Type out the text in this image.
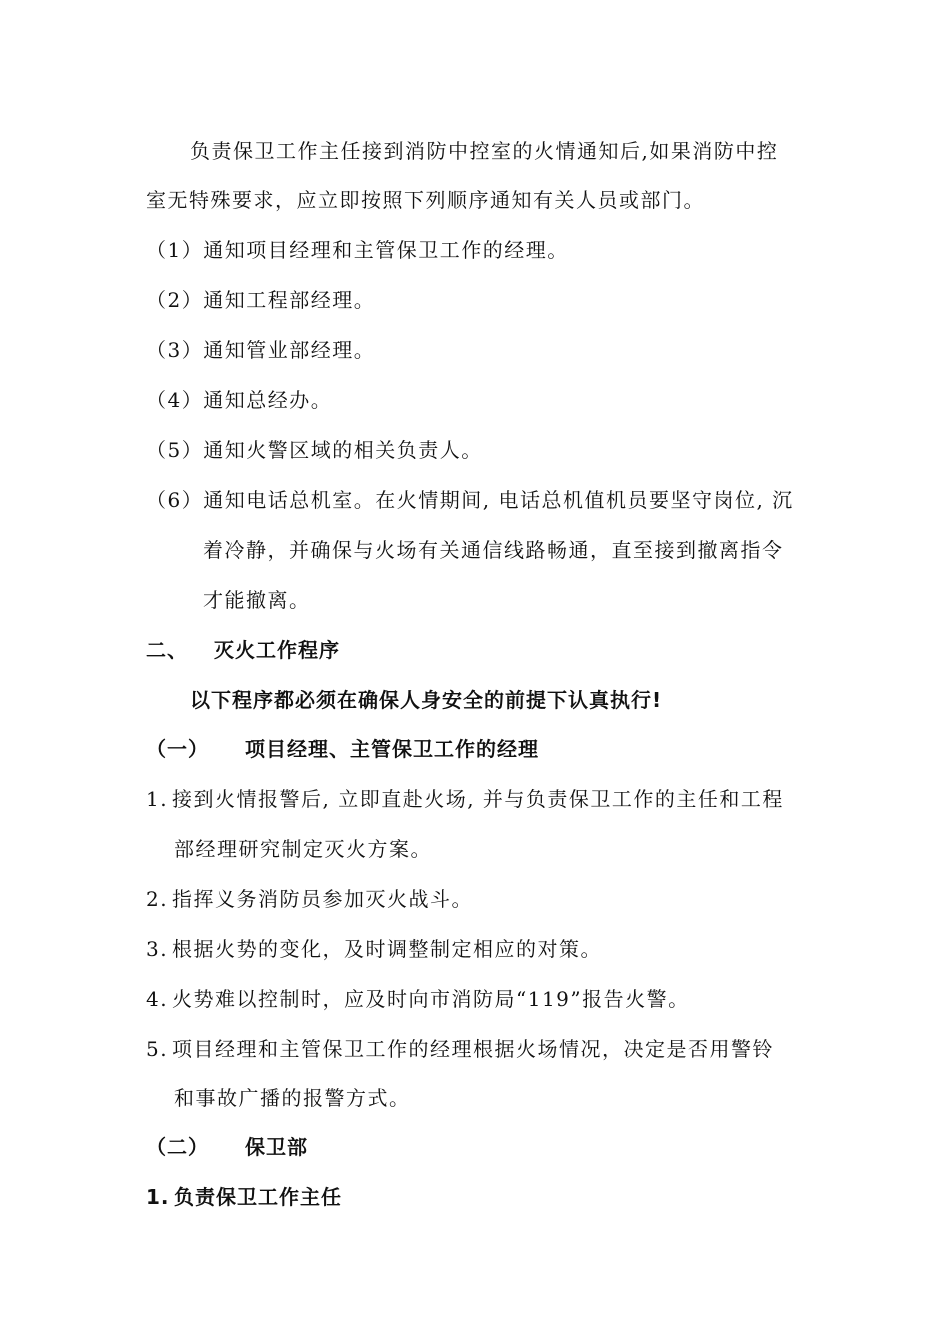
负责保卫工作主任接到消防中控室的火情通知后,如果消防中控
室无特殊要求，应立即按照下列顺序通知有关人员或部门。
（1）通知项目经理和主管保卫工作的经理。
（2）通知工程部经理。
（3）通知管业部经理。
（4）通知总经办。
（5）通知火警区域的相关负责人。
（6）通知电话总机室。在火情期间, 电话总机值机员要坚守岗位, 沉
着冷静，并确保与火场有关通信线路畅通，直至接到撤离指令
才能撤离。
二、 灭火工作程序
以下程序都必须在确保人身安全的前提下认真执行!
（一） 项目经理、主管保卫工作的经理
1. 接到火情报警后, 立即直赴火场, 并与负责保卫工作的主任和工程
部经理研究制定灭火方案。
2. 指挥义务消防员参加灭火战斗。
3. 根据火势的变化，及时调整制定相应的对策。
4. 火势难以控制时，应及时向市消防局“119”报告火警。
5. 项目经理和主管保卫工作的经理根据火场情况，决定是否用警铃
和事故广播的报警方式。
（二） 保卫部
1. 负责保卫工作主任
